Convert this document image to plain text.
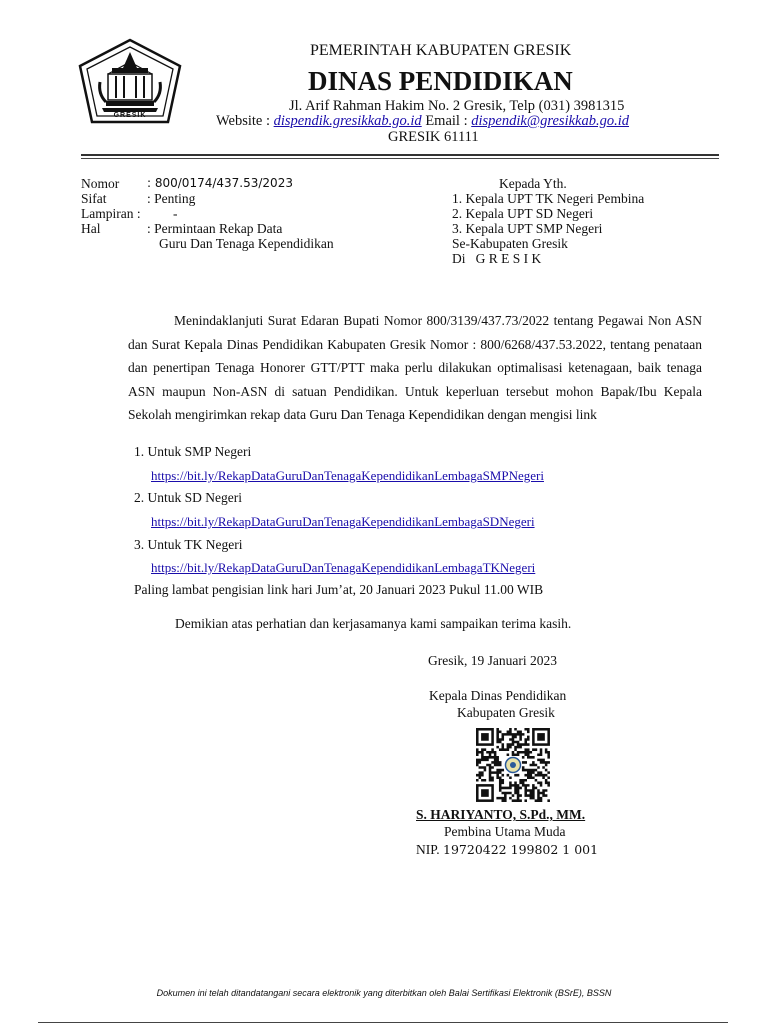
GRESIK
PEMERINTAH KABUPATEN GRESIK
DINAS PENDIDIKAN
Jl. Arif Rahman Hakim No. 2 Gresik, Telp (031) 3981315
Website : dispendik.gresikkab.go.id Email : dispendik@gresikkab.go.id
GRESIK 61111
Nomor : 800/0174/437.53/2023
Sifat	: Penting
Lampiran : -
Hal	: Permintaan Rekap Data
Guru Dan Tenaga Kependidikan
Kepada Yth.
1. Kepala UPT TK Negeri Pembina
2. Kepala UPT SD Negeri
3. Kepala UPT SMP Negeri
Se-Kabupaten Gresik
Di   G R E S I K
Menindaklanjuti Surat Edaran Bupati Nomor 800/3139/437.73/2022 tentang Pegawai Non ASN dan Surat Kepala Dinas Pendidikan Kabupaten Gresik Nomor : 800/6268/437.53.2022, tentang penataan dan penertipan Tenaga Honorer GTT/PTT maka perlu dilakukan optimalisasi ketenagaan, baik tenaga ASN maupun Non-ASN di satuan Pendidikan. Untuk keperluan tersebut mohon Bapak/Ibu Kepala Sekolah mengirimkan rekap data Guru Dan Tenaga Kependidikan dengan mengisi link
1. Untuk SMP Negeri
https://bit.ly/RekapDataGuruDanTenagaKependidikanLembagaSMPNegeri
2. Untuk SD Negeri
https://bit.ly/RekapDataGuruDanTenagaKependidikanLembagaSDNegeri
3. Untuk TK Negeri
https://bit.ly/RekapDataGuruDanTenagaKependidikanLembagaTKNegeri
Paling lambat pengisian link hari Jum’at, 20 Januari 2023 Pukul 11.00 WIB
Demikian atas perhatian dan kerjasamanya kami sampaikan terima kasih.
Gresik, 19 Januari 2023
Kepala Dinas Pendidikan
Kabupaten Gresik
S. HARIYANTO, S.Pd., MM.
Pembina Utama Muda
NIP. 19720422 199802 1 001
Dokumen ini telah ditandatangani secara elektronik yang diterbitkan oleh Balai Sertifikasi Elektronik (BSrE), BSSN
